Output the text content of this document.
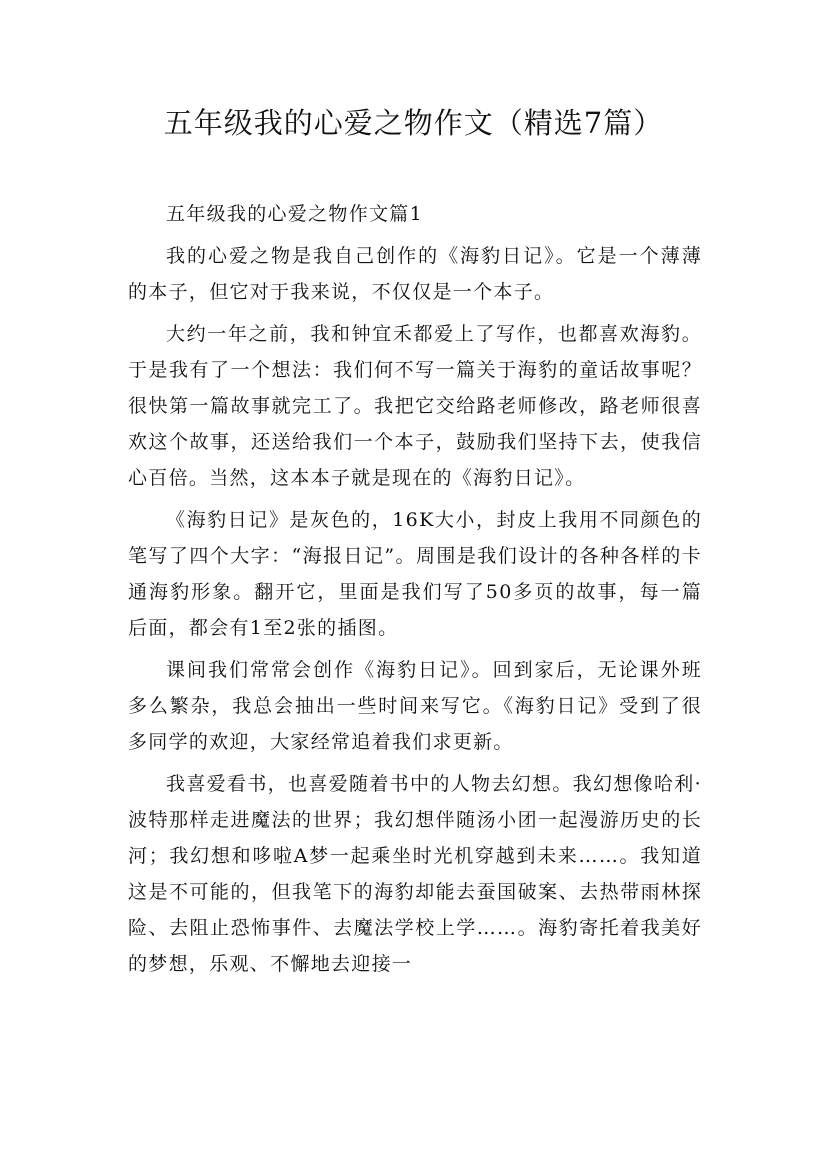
五年级我的心爱之物作文（精选7篇）

五年级我的心爱之物作文篇1

我的心爱之物是我自己创作的《海豹日记》。它是一个薄薄的本子，但它对于我来说，不仅仅是一个本子。

大约一年之前，我和钟宜禾都爱上了写作，也都喜欢海豹。于是我有了一个想法：我们何不写一篇关于海豹的童话故事呢？很快第一篇故事就完工了。我把它交给路老师修改，路老师很喜欢这个故事，还送给我们一个本子，鼓励我们坚持下去，使我信心百倍。当然，这本本子就是现在的《海豹日记》。

《海豹日记》是灰色的，16K大小，封皮上我用不同颜色的笔写了四个大字：“海报日记”。周围是我们设计的各种各样的卡通海豹形象。翻开它，里面是我们写了50多页的故事，每一篇后面，都会有1至2张的插图。

课间我们常常会创作《海豹日记》。回到家后，无论课外班多么繁杂，我总会抽出一些时间来写它。《海豹日记》受到了很多同学的欢迎，大家经常追着我们求更新。

我喜爱看书，也喜爱随着书中的人物去幻想。我幻想像哈利·波特那样走进魔法的世界；我幻想伴随汤小团一起漫游历史的长河；我幻想和哆啦A梦一起乘坐时光机穿越到未来……。我知道这是不可能的，但我笔下的海豹却能去蚕国破案、去热带雨林探险、去阻止恐怖事件、去魔法学校上学……。海豹寄托着我美好的梦想，乐观、不懈地去迎接一
